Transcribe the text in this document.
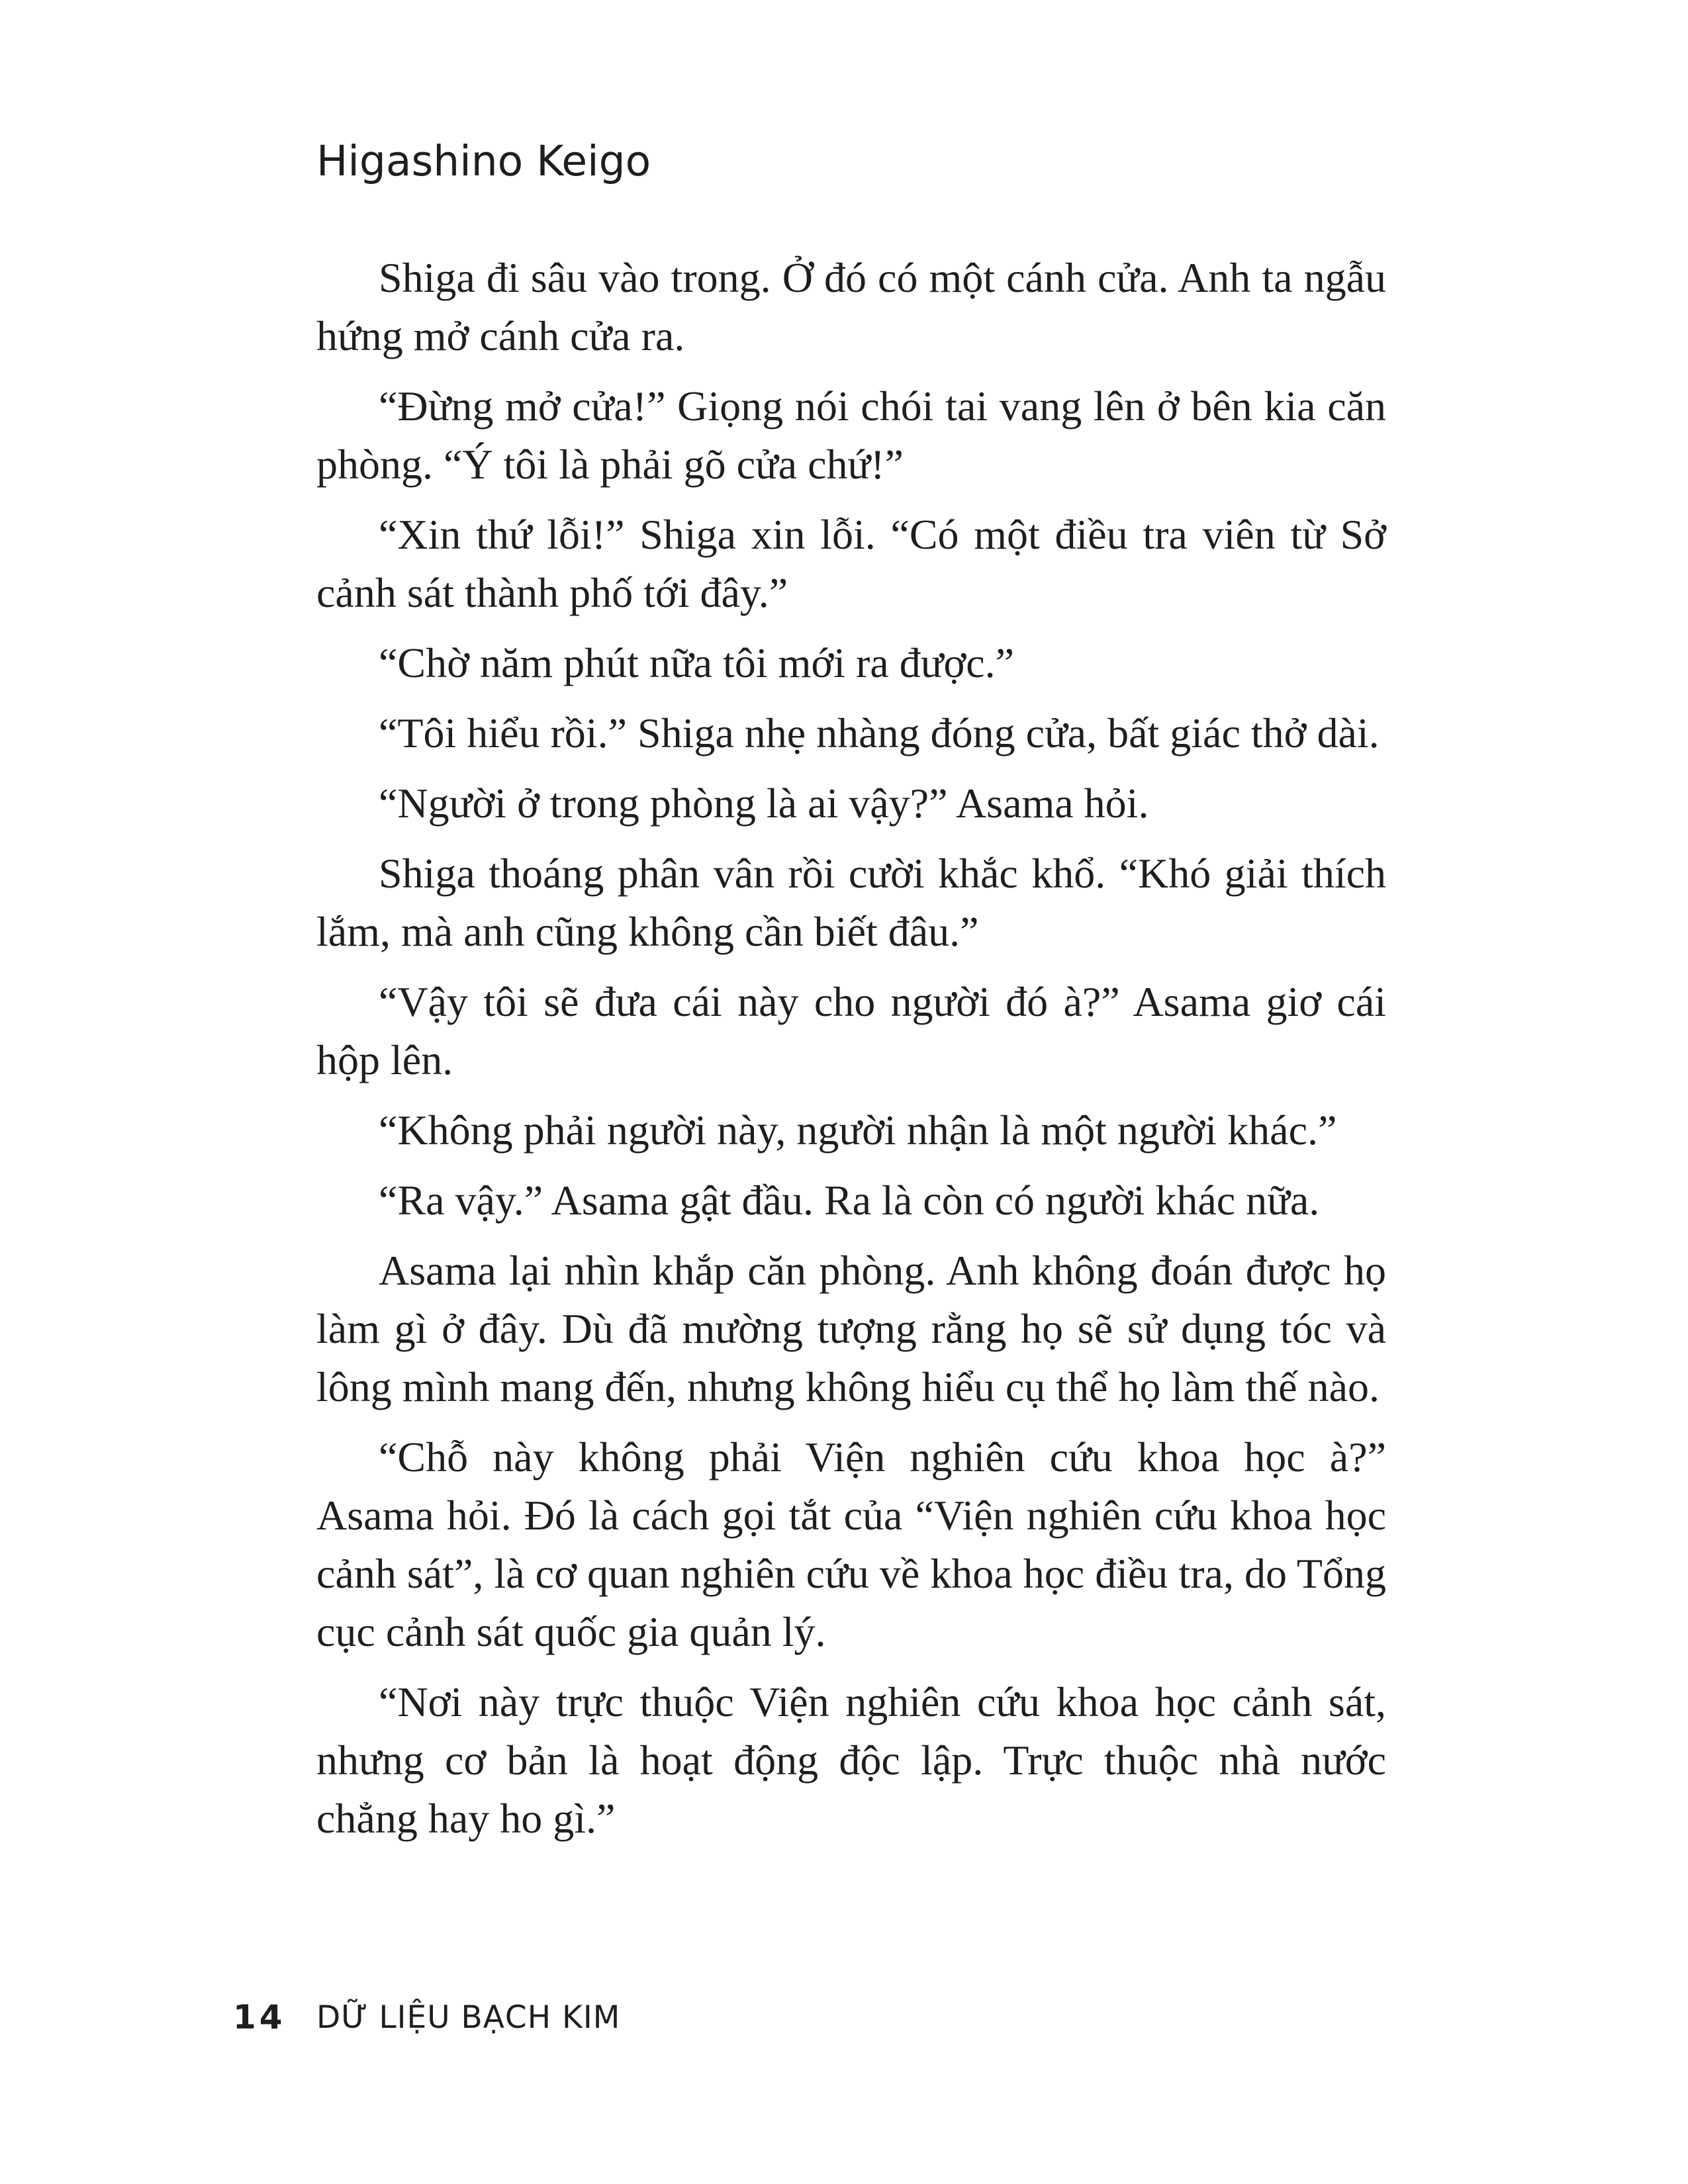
Higashino Keigo

Shiga đi sâu vào trong. Ở đó có một cánh cửa. Anh ta ngẫu hứng mở cánh cửa ra.

“Đừng mở cửa!” Giọng nói chói tai vang lên ở bên kia căn phòng. “Ý tôi là phải gõ cửa chứ!”

“Xin thứ lỗi!” Shiga xin lỗi. “Có một điều tra viên từ Sở cảnh sát thành phố tới đây.”

“Chờ năm phút nữa tôi mới ra được.”

“Tôi hiểu rồi.” Shiga nhẹ nhàng đóng cửa, bất giác thở dài.

“Người ở trong phòng là ai vậy?” Asama hỏi.

Shiga thoáng phân vân rồi cười khắc khổ. “Khó giải thích lắm, mà anh cũng không cần biết đâu.”

“Vậy tôi sẽ đưa cái này cho người đó à?” Asama giơ cái hộp lên.

“Không phải người này, người nhận là một người khác.”

“Ra vậy.” Asama gật đầu. Ra là còn có người khác nữa.

Asama lại nhìn khắp căn phòng. Anh không đoán được họ làm gì ở đây. Dù đã mường tượng rằng họ sẽ sử dụng tóc và lông mình mang đến, nhưng không hiểu cụ thể họ làm thế nào.

“Chỗ này không phải Viện nghiên cứu khoa học à?” Asama hỏi. Đó là cách gọi tắt của “Viện nghiên cứu khoa học cảnh sát”, là cơ quan nghiên cứu về khoa học điều tra, do Tổng cục cảnh sát quốc gia quản lý.

“Nơi này trực thuộc Viện nghiên cứu khoa học cảnh sát, nhưng cơ bản là hoạt động độc lập. Trực thuộc nhà nước chẳng hay ho gì.”

14 DỮ LIỆU BẠCH KIM
